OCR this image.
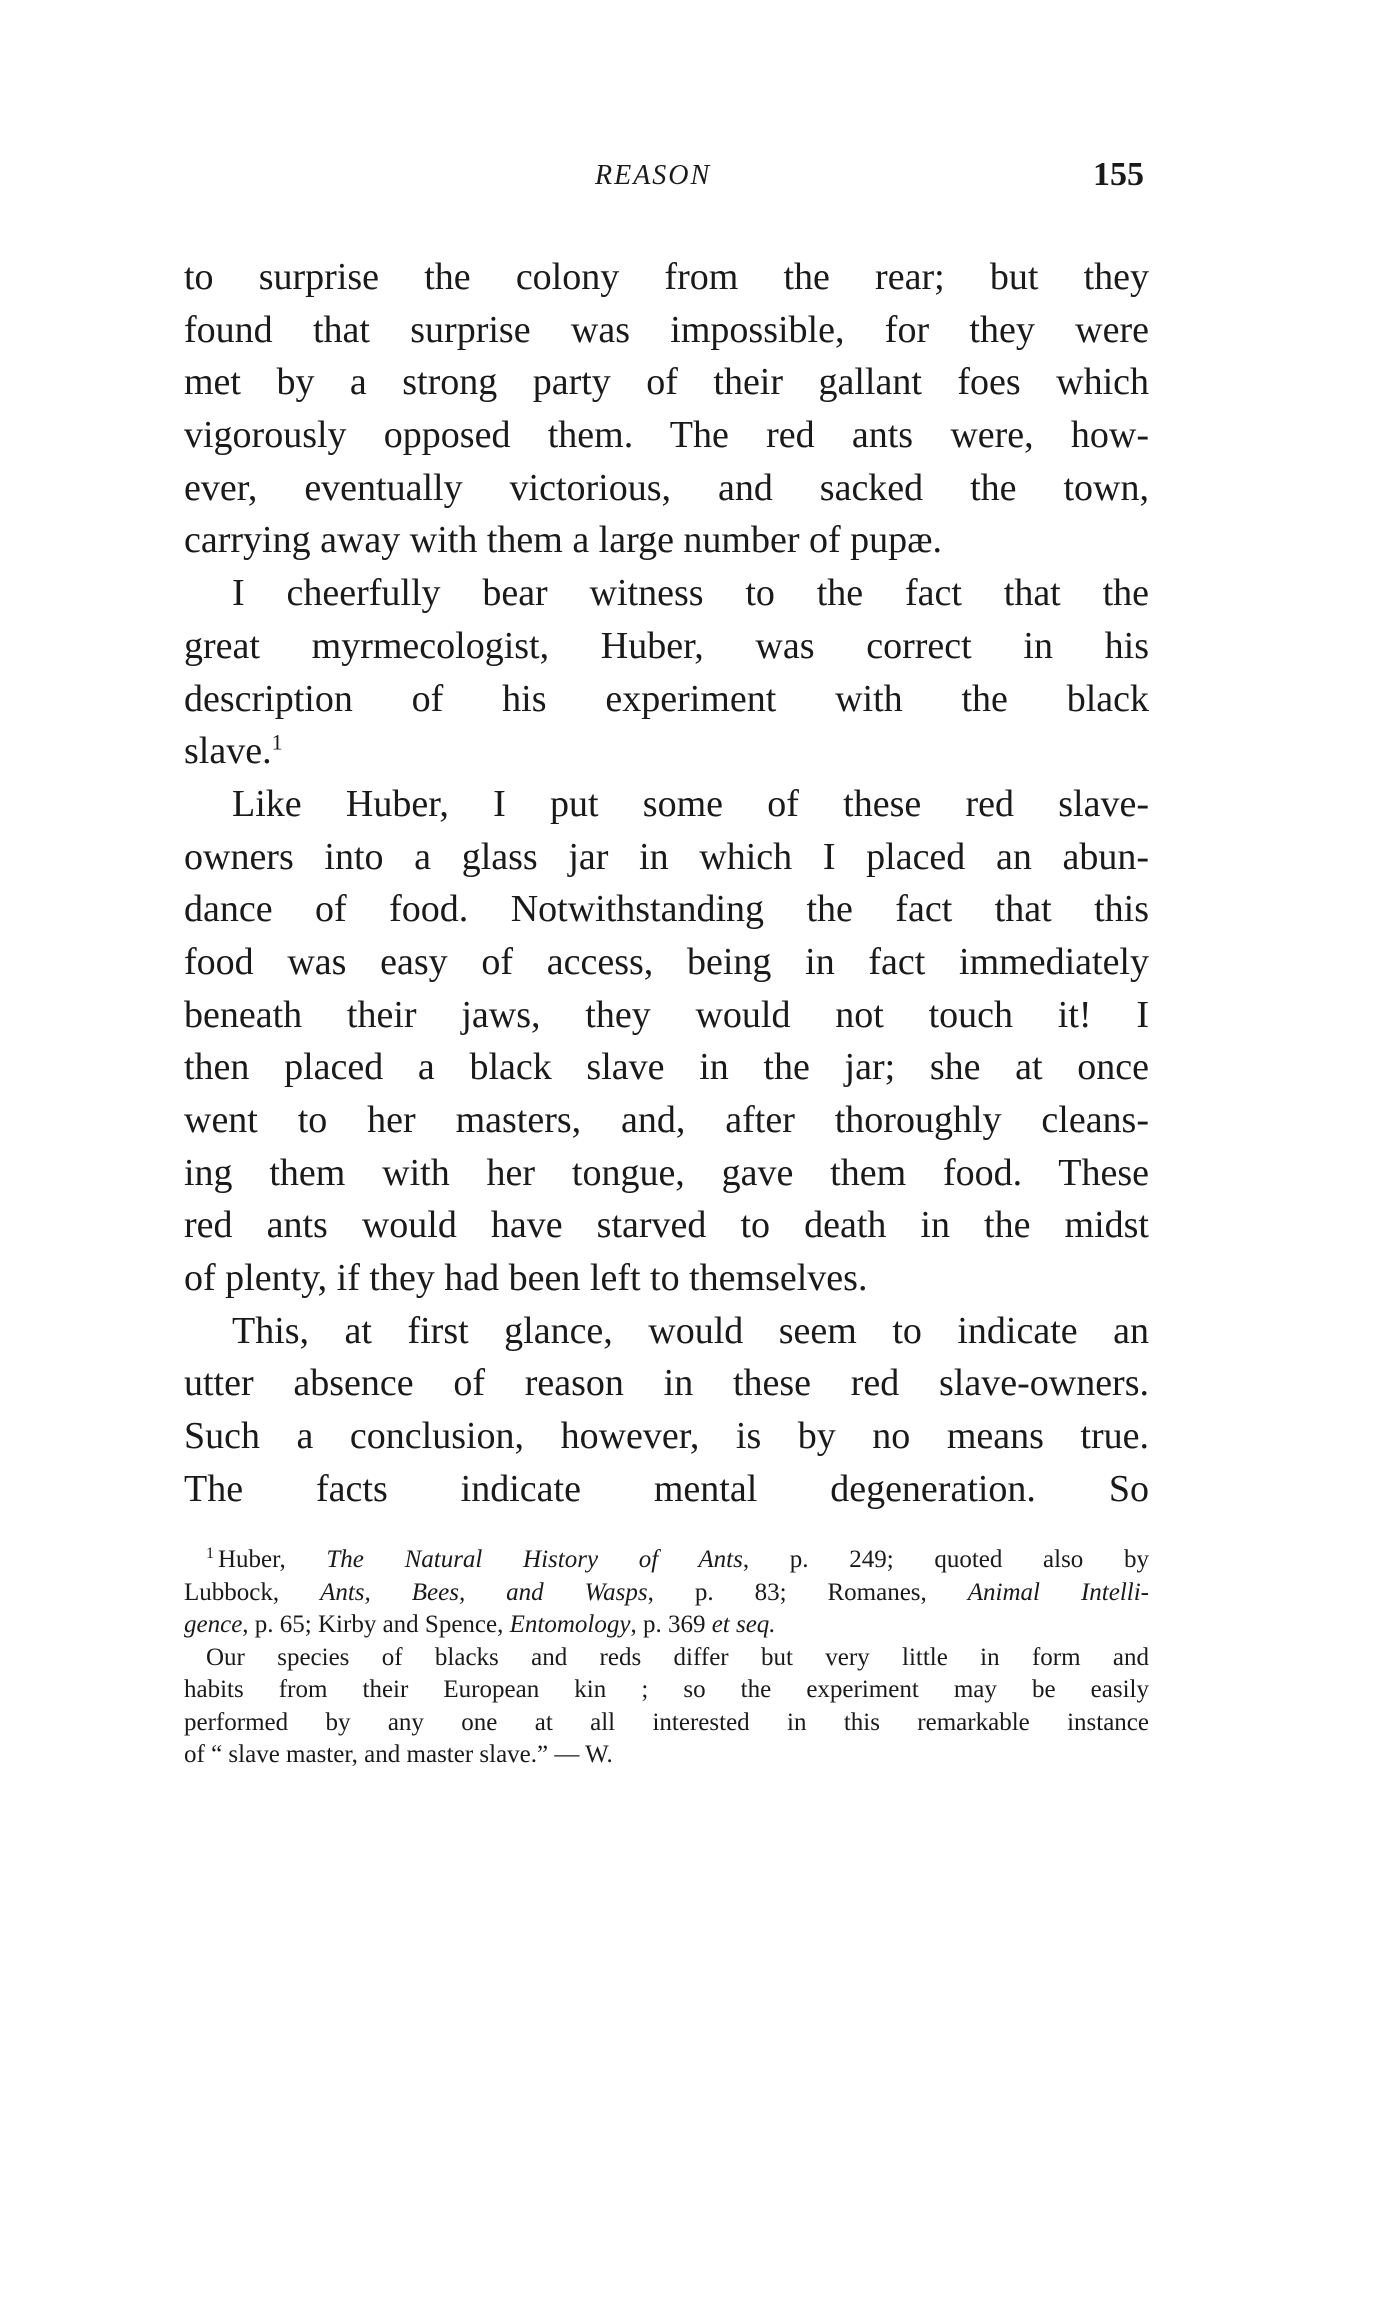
REASON	155
to surprise the colony from the rear; but they
found that surprise was impossible, for they were
met by a strong party of their gallant foes which
vigorously opposed them. The red ants were, how-
ever, eventually victorious, and sacked the town,
carrying away with them a large number of pupæ.
I cheerfully bear witness to the fact that the
great myrmecologist, Huber, was correct in his
description of his experiment with the black
slave.$^1$
Like Huber, I put some of these red slave-
owners into a glass jar in which I placed an abun-
dance of food. Notwithstanding the fact that this
food was easy of access, being in fact immediately
beneath their jaws, they would not touch it! I
then placed a black slave in the jar; she at once
went to her masters, and, after thoroughly cleans-
ing them with her tongue, gave them food. These
red ants would have starved to death in the midst
of plenty, if they had been left to themselves.
This, at first glance, would seem to indicate an
utter absence of reason in these red slave-owners.
Such a conclusion, however, is by no means true.
The facts indicate mental degeneration. So
$^1$ Huber, The Natural History of Ants, p. 249; quoted also by
Lubbock, Ants, Bees, and Wasps, p. 83; Romanes, Animal Intelli-
gence, p. 65; Kirby and Spence, Entomology, p. 369 et seq.
Our species of blacks and reds differ but very little in form and
habits from their European kin ; so the experiment may be easily
performed by any one at all interested in this remarkable instance
of “ slave master, and master slave.” — W.
